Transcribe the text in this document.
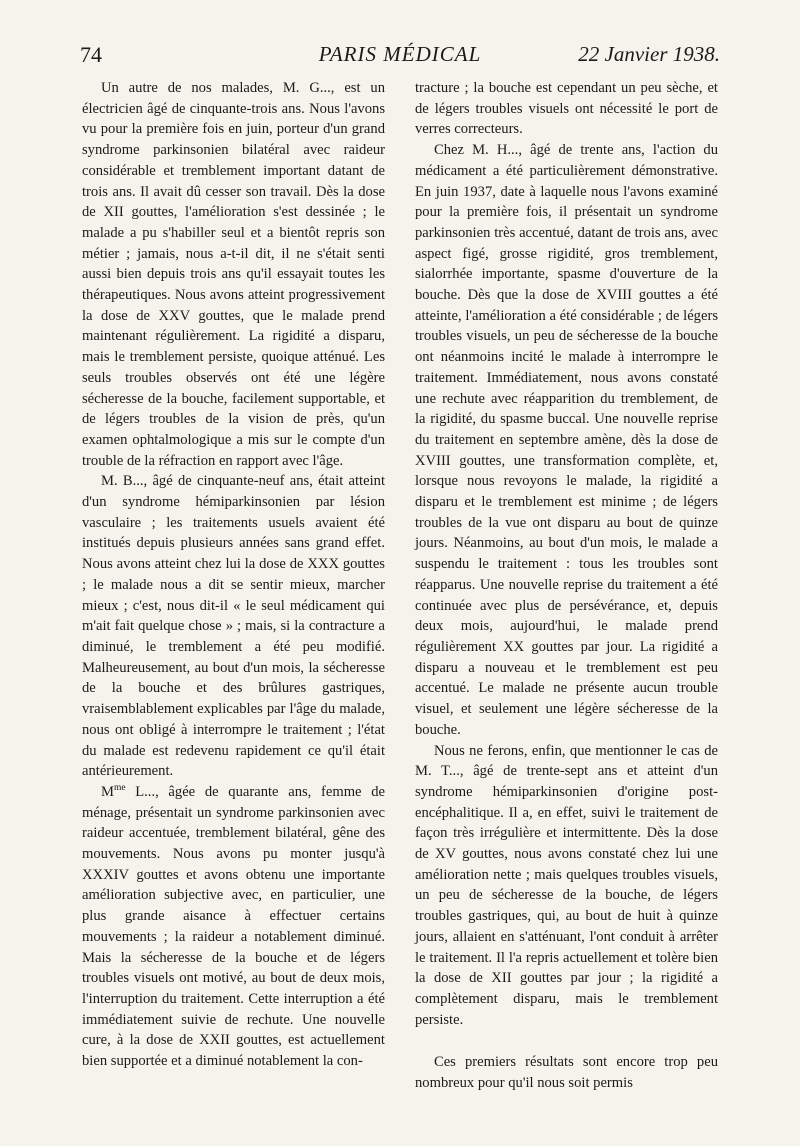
74	PARIS MÉDICAL	22 Janvier 1938.

Un autre de nos malades, M. G..., est un électricien âgé de cinquante-trois ans. Nous l'avons vu pour la première fois en juin, porteur d'un grand syndrome parkinsonien bilatéral avec raideur considérable et tremblement important datant de trois ans. Il avait dû cesser son travail. Dès la dose de XII gouttes, l'amélioration s'est dessinée ; le malade a pu s'habiller seul et a bientôt repris son métier ; jamais, nous a-t-il dit, il ne s'était senti aussi bien depuis trois ans qu'il essayait toutes les thérapeutiques. Nous avons atteint progressivement la dose de XXV gouttes, que le malade prend maintenant régulièrement. La rigidité a disparu, mais le tremblement persiste, quoique atténué. Les seuls troubles observés ont été une légère sécheresse de la bouche, facilement supportable, et de légers troubles de la vision de près, qu'un examen ophtalmologique a mis sur le compte d'un trouble de la réfraction en rapport avec l'âge.

M. B..., âgé de cinquante-neuf ans, était atteint d'un syndrome hémiparkinsonien par lésion vasculaire ; les traitements usuels avaient été institués depuis plusieurs années sans grand effet. Nous avons atteint chez lui la dose de XXX gouttes ; le malade nous a dit se sentir mieux, marcher mieux ; c'est, nous dit-il « le seul médicament qui m'ait fait quelque chose » ; mais, si la contracture a diminué, le tremblement a été peu modifié. Malheureusement, au bout d'un mois, la sécheresse de la bouche et des brûlures gastriques, vraisemblablement explicables par l'âge du malade, nous ont obligé à interrompre le traitement ; l'état du malade est redevenu rapidement ce qu'il était antérieurement.

$M^{me}$ L..., âgée de quarante ans, femme de ménage, présentait un syndrome parkinsonien avec raideur accentuée, tremblement bilatéral, gêne des mouvements. Nous avons pu monter jusqu'à XXXIV gouttes et avons obtenu une importante amélioration subjective avec, en particulier, une plus grande aisance à effectuer certains mouvements ; la raideur a notablement diminué. Mais la sécheresse de la bouche et de légers troubles visuels ont motivé, au bout de deux mois, l'interruption du traitement. Cette interruption a été immédiatement suivie de rechute. Une nouvelle cure, à la dose de XXII gouttes, est actuellement bien supportée et a diminué notablement la con-

tracture ; la bouche est cependant un peu sèche, et de légers troubles visuels ont nécessité le port de verres correcteurs.

Chez M. H..., âgé de trente ans, l'action du médicament a été particulièrement démonstrative. En juin 1937, date à laquelle nous l'avons examiné pour la première fois, il présentait un syndrome parkinsonien très accentué, datant de trois ans, avec aspect figé, grosse rigidité, gros tremblement, sialorrhée importante, spasme d'ouverture de la bouche. Dès que la dose de XVIII gouttes a été atteinte, l'amélioration a été considérable ; de légers troubles visuels, un peu de sécheresse de la bouche ont néanmoins incité le malade à interrompre le traitement. Immédiatement, nous avons constaté une rechute avec réapparition du tremblement, de la rigidité, du spasme buccal. Une nouvelle reprise du traitement en septembre amène, dès la dose de XVIII gouttes, une transformation complète, et, lorsque nous revoyons le malade, la rigidité a disparu et le tremblement est minime ; de légers troubles de la vue ont disparu au bout de quinze jours. Néanmoins, au bout d'un mois, le malade a suspendu le traitement : tous les troubles sont réapparus. Une nouvelle reprise du traitement a été continuée avec plus de persévérance, et, depuis deux mois, aujourd'hui, le malade prend régulièrement XX gouttes par jour. La rigidité a disparu a nouveau et le tremblement est peu accentué. Le malade ne présente aucun trouble visuel, et seulement une légère sécheresse de la bouche.

Nous ne ferons, enfin, que mentionner le cas de M. T..., âgé de trente-sept ans et atteint d'un syndrome hémiparkinsonien d'origine post-encéphalitique. Il a, en effet, suivi le traitement de façon très irrégulière et intermittente. Dès la dose de XV gouttes, nous avons constaté chez lui une amélioration nette ; mais quelques troubles visuels, un peu de sécheresse de la bouche, de légers troubles gastriques, qui, au bout de huit à quinze jours, allaient en s'atténuant, l'ont conduit à arrêter le traitement. Il l'a repris actuellement et tolère bien la dose de XII gouttes par jour ; la rigidité a complètement disparu, mais le tremblement persiste.

Ces premiers résultats sont encore trop peu nombreux pour qu'il nous soit permis
